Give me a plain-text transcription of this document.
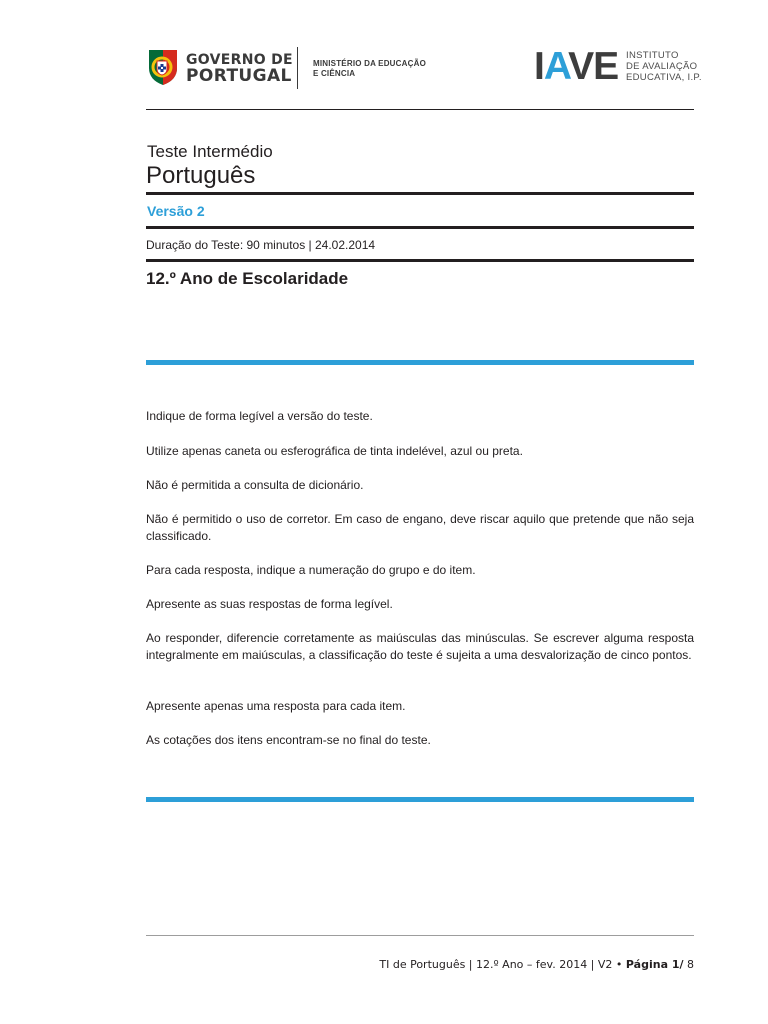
GOVERNO DE
PORTUGAL
MINISTÉRIO DA EDUCAÇÃO
E CIÊNCIA	IAVE INSTITUTO
DE AVALIAÇÃO
EDUCATIVA, I.P.
Teste Intermédio
Português
Versão 2
Duração do Teste: 90 minutos | 24.02.2014
12.º Ano de Escolaridade

Indique de forma legível a versão do teste.

Utilize apenas caneta ou esferográfica de tinta indelével, azul ou preta.

Não é permitida a consulta de dicionário.

Não é permitido o uso de corretor. Em caso de engano, deve riscar aquilo que pretende que não seja classificado.

Para cada resposta, indique a numeração do grupo e do item.

Apresente as suas respostas de forma legível.

Ao responder, diferencie corretamente as maiúsculas das minúsculas. Se escrever alguma resposta integralmente em maiúsculas, a classificação do teste é sujeita a uma desvalorização de cinco pontos.

Apresente apenas uma resposta para cada item.

As cotações dos itens encontram-se no final do teste.

TI de Português | 12.º Ano – fev. 2014 | V2 • Página 1/ 8
